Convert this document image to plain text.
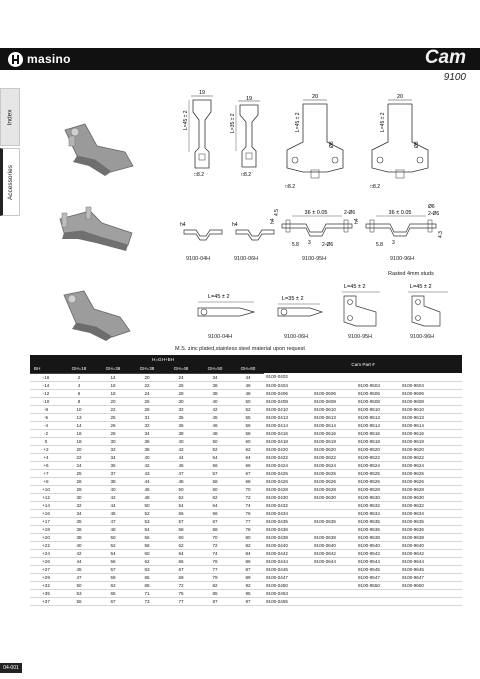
masino	Cam
9100
Index
Accessories
19
L=45 ± 2
□8.2
19
L=35 ± 2
□8.2
20
L=45 ± 2
Ø8
□8.2
20
L=45 ± 2
Ø8
□8.2
h4	h4
36 ± 0.05	2-Ø6
h4
4.5
5.8 3 2-Ø6
36 ± 0.05
Ø6
2-Ø6
h4
5.8 3
4.3
9100-04H	9100-06H	9100-95H	9100-96H
Rasted 4mm studs
L=45 ± 2	L=35 ± 2
L=45 ± 2	L=45 ± 2
9100-04H	9100-06H	9100-95H	9100-96H
M.S. zinc plated,stainless steel material upon request
	H=GH+BH						Cam Part #			
BH	GH=18	GH=36	GH=38	GH=48	GH=50	GH=60				
-16	2	14	20	24	34	44	9100-0402			
-14	4	16	22	26	36	46	9100-0404		9100-9504	9100-9604
-12	6	18	24	28	38	48	9100-0406	9100-0606	9100-9506	9100-9606
-10	8	20	26	30	40	50	9100-0408	9100-0608	9100-9508	9100-9608
-8	10	22	28	32	42	52	9100-0410	9100-0610	9100-9510	9100-9610
-5	13	25	31	35	45	55	9100-0413	9100-0613	9100-9513	9100-9613
-4	14	26	32	36	46	56	9100-0414	9100-0614	9100-9514	9100-9614
-2	16	28	34	38	48	58	9100-0416	9100-0616	9100-9516	9100-9616
0	18	30	36	40	50	60	9100-0418	9100-0618	9100-9518	9100-9618
+2	20	32	38	42	52	62	9100-0420	9100-0620	9100-9520	9100-9620
+4	22	34	40	44	54	64	9100-0422	9100-0622	9100-9522	9100-9622
+6	24	36	42	46	56	66	9100-0424	9100-0624	9100-9524	9100-9624
+7	25	37	43	47	57	67	9100-0425	9100-0625	9100-9525	9100-9625
+8	26	38	44	48	58	68	9100-0426	9100-0626	9100-9526	9100-9626
+10	28	40	46	50	60	70	9100-0428	9100-0628	9100-9528	9100-9628
+12	30	42	48	52	62	72	9100-0430	9100-0630	9100-9530	9100-9630
+14	32	44	50	54	64	74	9100-0432		9100-9532	9100-9632
+16	34	46	52	56	66	76	9100-0434		9100-9534	9100-9634
+17	35	47	53	57	67	77	9100-0435	9100-0635	9100-9535	9100-9635
+18	36	48	54	58	68	78	9100-0436		9100-9536	9100-9636
+20	38	50	56	60	70	80	9100-0438	9100-0638	9100-9538	9100-9638
+22	40	52	58	62	72	82	9100-0440	9100-0640	9100-9540	9100-9640
+24	42	54	60	64	74	84	9100-0442	9100-0642	9100-9542	9100-9642
+26	44	56	62	66	76	86	9100-0444	9100-0644	9100-9544	9100-9644
+27	45	57	63	67	77	87	9100-0445		9100-9545	9100-9645
+29	47	59	65	69	79	89	9100-0447		9100-9547	9100-9647
+32	50	62	68	72	82	92	9100-0450		9100-9550	9100-9650
+35	53	65	71	75	85	95	9100-0453			
+37	55	67	73	77	87	97	9100-0455			
04-001
